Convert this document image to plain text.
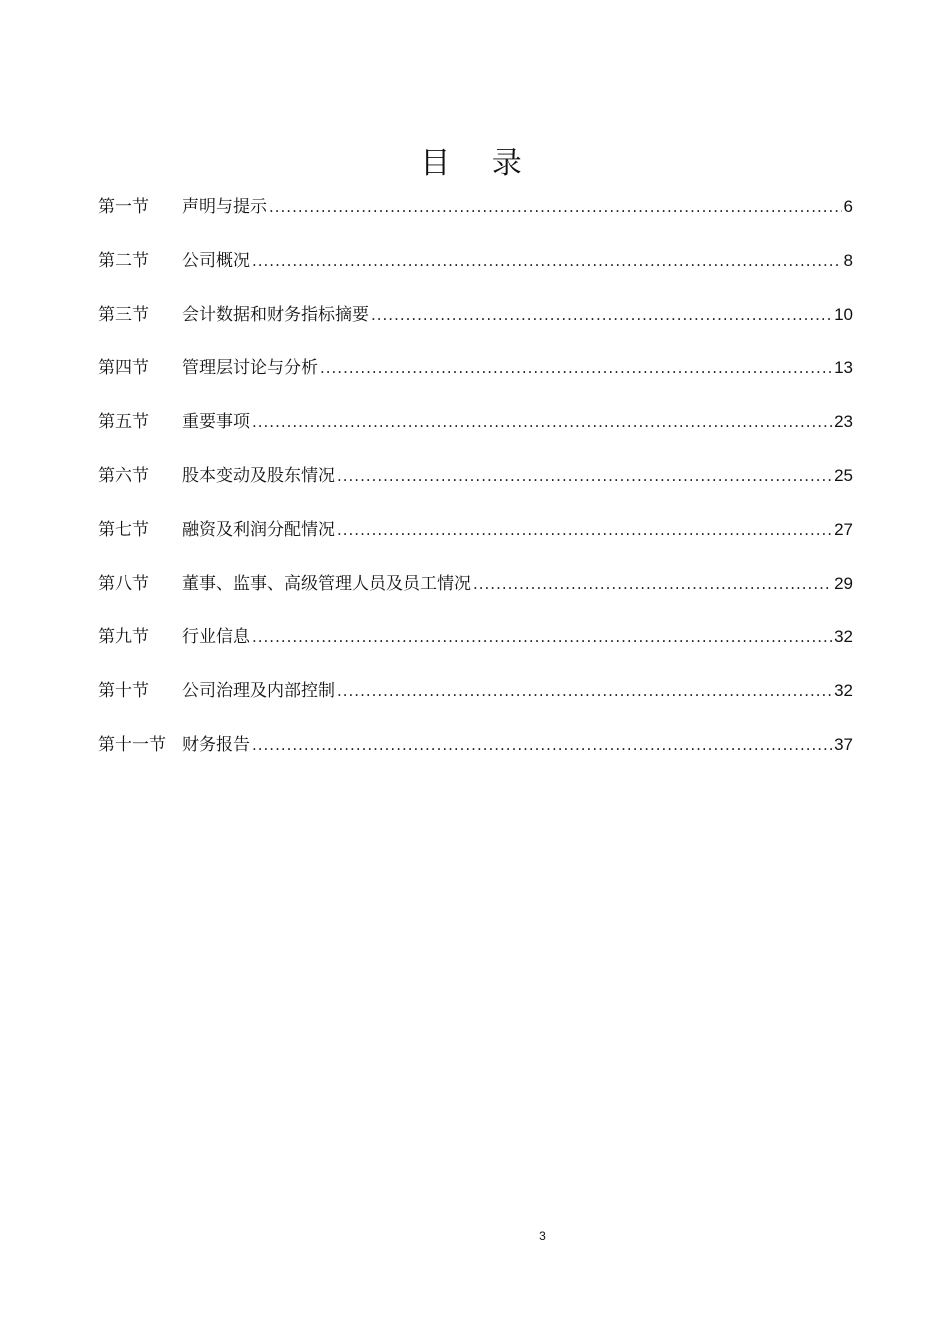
目 录
第一节	声明与提示 .....	6
第二节	公司概况 .....	8
第三节	会计数据和财务指标摘要 .....	10
第四节	管理层讨论与分析 .....	13
第五节	重要事项 .....	23
第六节	股本变动及股东情况 .....	25
第七节	融资及利润分配情况 .....	27
第八节	董事、监事、高级管理人员及员工情况 .....	29
第九节	行业信息 .....	32
第十节	公司治理及内部控制 .....	32
第十一节 财务报告 .....	37
3
